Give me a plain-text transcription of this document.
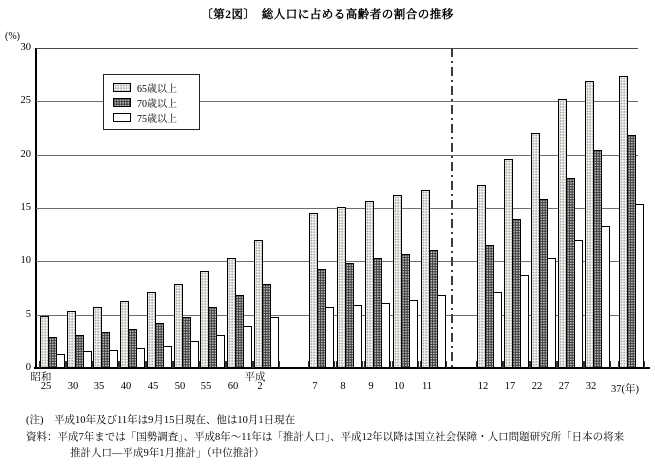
〔第2図〕　総人口に占める高齢者の割合の推移
(%)
0
5
10
15
20
25
30
25	30	35	40	45	50	55	60	2	7	8	9	10	11	12	17	22	27	32	37(年)
昭和	平成
65歳以上
70歳以上
75歳以上
(注)　平成10年及び11年は9月15日現在、他は10月1日現在
資料：平成7年までは「国勢調査」、平成8年～11年は「推計人口」、平成12年以降は国立社会保障・人口問題研究所「日本の将来
推計人口―平成9年1月推計」（中位推計）
